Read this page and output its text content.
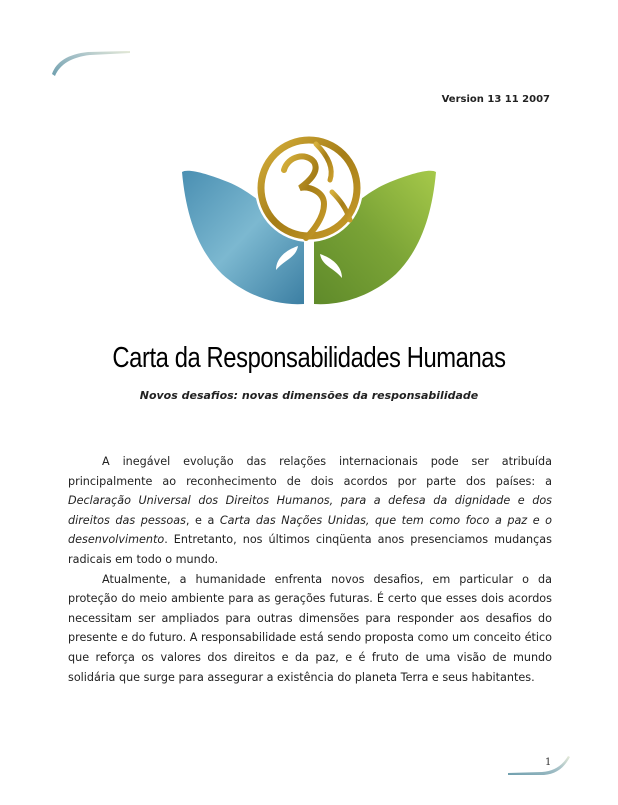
Version 13 11 2007
Carta da Responsabilidades Humanas
Novos desafios: novas dimensões da responsabilidade

A inegável evolução das relações internacionais pode ser atribuída principalmente ao reconhecimento de dois acordos por parte dos países: a Declaração Universal dos Direitos Humanos, para a defesa da dignidade e dos direitos das pessoas, e a Carta das Nações Unidas, que tem como foco a paz e o desenvolvimento. Entretanto, nos últimos cinqüenta anos presenciamos mudanças radicais em todo o mundo.

Atualmente, a humanidade enfrenta novos desafios, em particular o da proteção do meio ambiente para as gerações futuras. É certo que esses dois acordos necessitam ser ampliados para outras dimensões para responder aos desafios do presente e do futuro. A responsabilidade está sendo proposta como um conceito ético que reforça os valores dos direitos e da paz, e é fruto de uma visão de mundo solidária que surge para assegurar a existência do planeta Terra e seus habitantes.

1
